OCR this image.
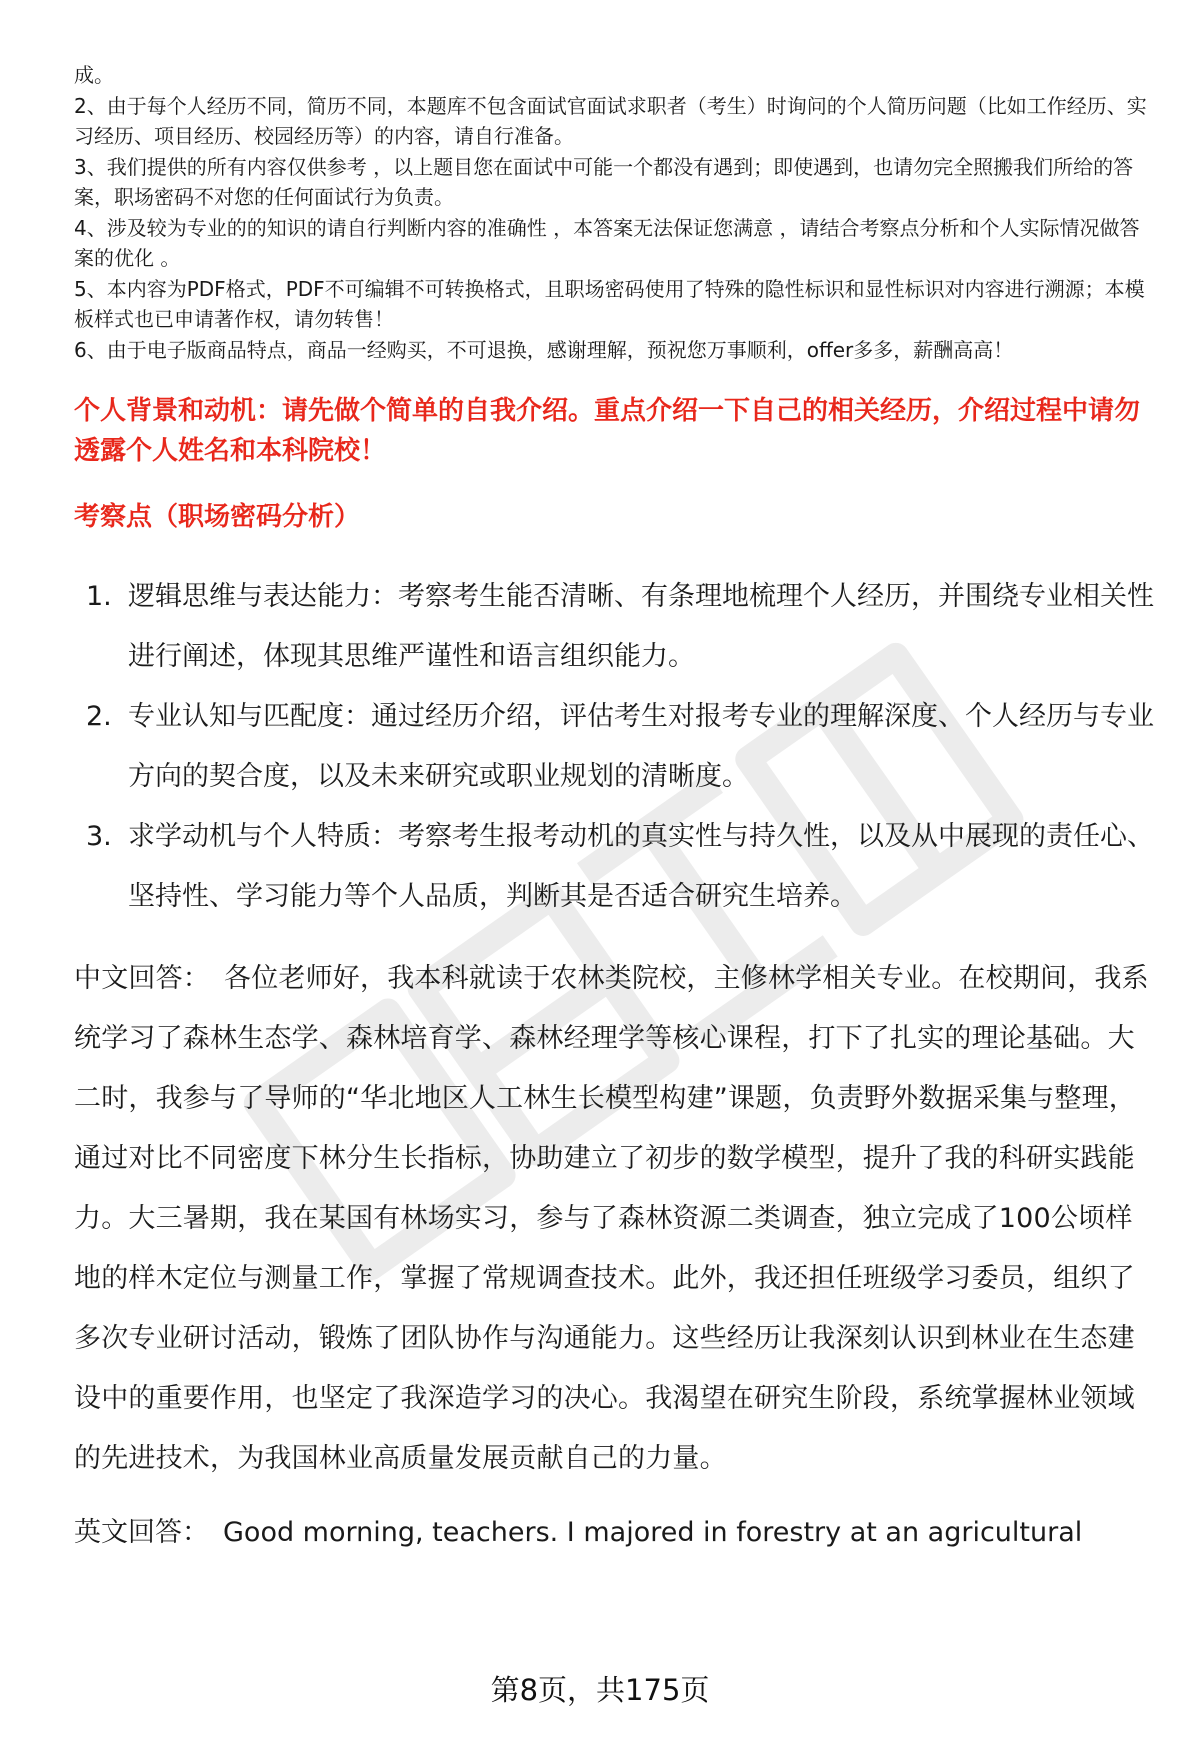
成。

2、由于每个人经历不同，简历不同，本题库不包含面试官面试求职者（考生）时询问的个人简历问题（比如工作经历、实习经历、项目经历、校园经历等）的内容，请自行准备。

3、我们提供的所有内容仅供参考 ，以上题目您在面试中可能一个都没有遇到；即使遇到，也请勿完全照搬我们所给的答案，职场密码不对您的任何面试行为负责。

4、涉及较为专业的的知识的请自行判断内容的准确性 ，本答案无法保证您满意 ，请结合考察点分析和个人实际情况做答案的优化 。

5、本内容为PDF格式，PDF不可编辑不可转换格式，且职场密码使用了特殊的隐性标识和显性标识对内容进行溯源；本模板样式也已申请著作权，请勿转售！

6、由于电子版商品特点，商品一经购买，不可退换，感谢理解，预祝您万事顺利，offer多多，薪酬高高！

个人背景和动机：请先做个简单的自我介绍。重点介绍一下自己的相关经历，介绍过程中请勿透露个人姓名和本科院校！
考察点（职场密码分析）
1. 逻辑思维与表达能力：考察考生能否清晰、有条理地梳理个人经历，并围绕专业相关性进行阐述，体现其思维严谨性和语言组织能力。
2. 专业认知与匹配度：通过经历介绍，评估考生对报考专业的理解深度、个人经历与专业方向的契合度，以及未来研究或职业规划的清晰度。
3. 求学动机与个人特质：考察考生报考动机的真实性与持久性，以及从中展现的责任心、坚持性、学习能力等个人品质，判断其是否适合研究生培养。
中文回答： 各位老师好，我本科就读于农林类院校，主修林学相关专业。在校期间，我系统学习了森林生态学、森林培育学、森林经理学等核心课程，打下了扎实的理论基础。大二时，我参与了导师的“华北地区人工林生长模型构建”课题，负责野外数据采集与整理，通过对比不同密度下林分生长指标，协助建立了初步的数学模型，提升了我的科研实践能力。大三暑期，我在某国有林场实习，参与了森林资源二类调查，独立完成了100公顷样地的样木定位与测量工作，掌握了常规调查技术。此外，我还担任班级学习委员，组织了多次专业研讨活动，锻炼了团队协作与沟通能力。这些经历让我深刻认识到林业在生态建设中的重要作用，也坚定了我深造学习的决心。我渴望在研究生阶段，系统掌握林业领域的先进技术，为我国林业高质量发展贡献自己的力量。
英文回答： Good morning, teachers. I majored in forestry at an agricultural
第8页，共175页
